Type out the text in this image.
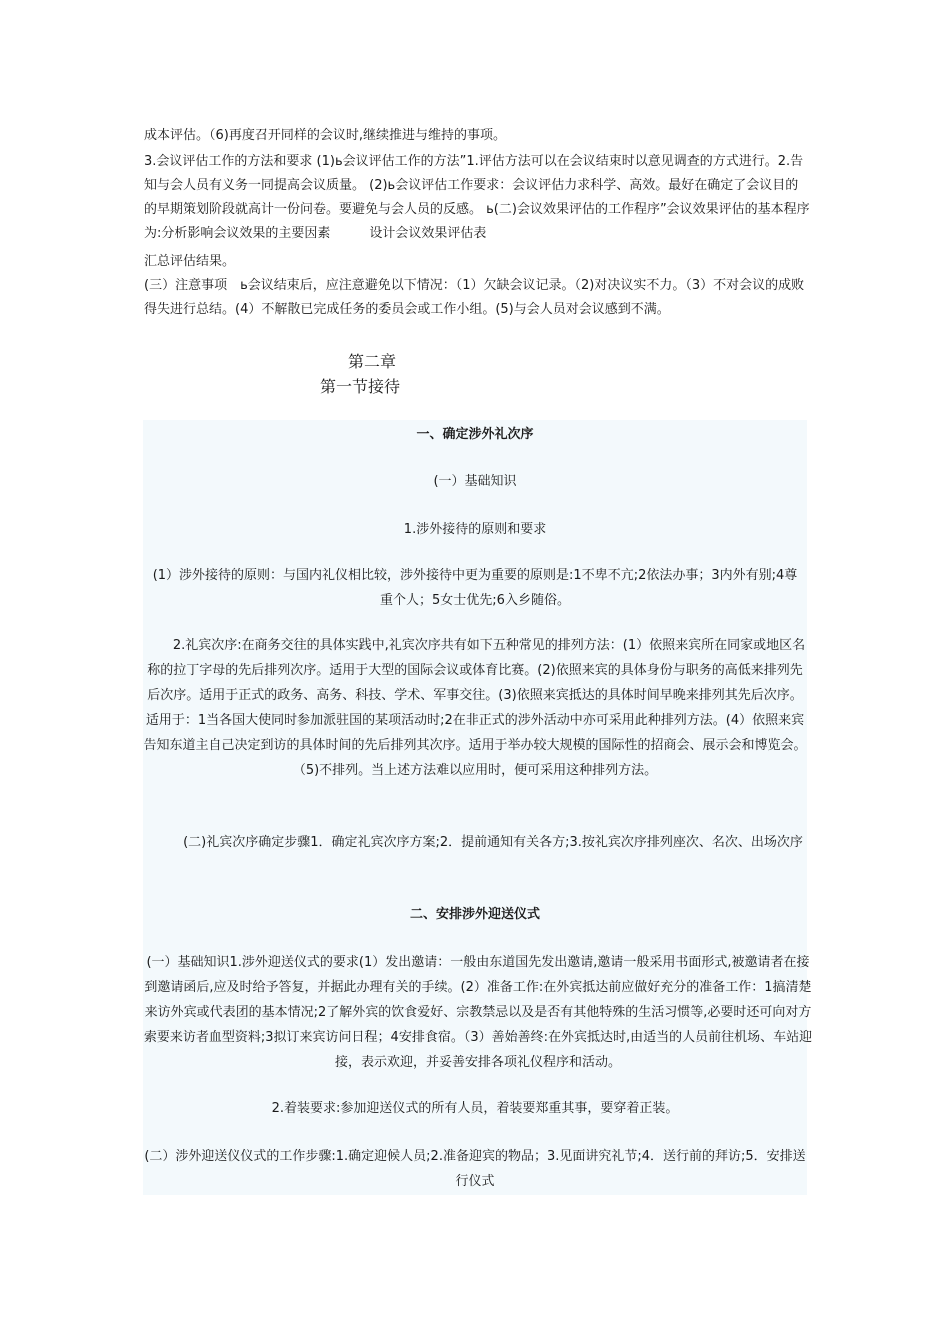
成本评估。（6)再度召开同样的会议时,继续推进与维持的事项。

3.会议评估工作的方法和要求 (1)ь会议评估工作的方法”1.评估方法可以在会议结束时以意见调查的方式进行。2.告知与会人员有义务一同提高会议质量。 (2)ь会议评估工作要求：会议评估力求科学、高效。最好在确定了会议目的的早期策划阶段就高计一份问卷。要避免与会人员的反感。 ь(二)会议效果评估的工作程序”会议效果评估的基本程序为:分析影响会议效果的主要因素　　　设计会议效果评估表

汇总评估结果。

(三）注意事项　ь会议结束后，应注意避免以下情况：（1）欠缺会议记录。（2)对决议实不力。（3）不对会议的成败得失进行总结。(4）不解散已完成任务的委员会或工作小组。(5)与会人员对会议感到不满。

第二章
第一节接待

一、确定涉外礼次序

(一）基础知识

1.涉外接待的原则和要求

(1）涉外接待的原则：与国内礼仪相比较，涉外接待中更为重要的原则是:1不卑不亢;2依法办事；3内外有别;4尊重个人；5女士优先;6入乡随俗。

2.礼宾次序:在商务交往的具体实践中,礼宾次序共有如下五种常见的排列方法：(1）依照来宾所在同家或地区名称的拉丁字母的先后排列次序。适用于大型的国际会议或体育比赛。(2)依照来宾的具体身份与职务的高低来排列先后次序。适用于正式的政务、高务、科技、学术、军事交往。(3)依照来宾抵达的具体时间早晚来排列其先后次序。适用于：1当各国大使同时参加派驻国的某项活动时;2在非正式的涉外活动中亦可采用此种排列方法。(4）依照来宾告知东道主自己决定到访的具体时间的先后排列其次序。适用于举办较大规模的国际性的招商会、展示会和博览会。（5)不排列。当上述方法难以应用时，便可采用这种排列方法。

(二)礼宾次序确定步骤1．确定礼宾次序方案;2．提前通知有关各方;3.按礼宾次序排列座次、名次、出场次序

二、安排涉外迎送仪式

(一）基础知识1.涉外迎送仪式的要求(1）发出邀请：一般由东道国先发出邀请,邀请一般采用书面形式,被邀请者在接到邀请函后,应及时给予答复，并据此办理有关的手续。(2）准备工作:在外宾抵达前应做好充分的准备工作：1搞清楚来访外宾或代表团的基本情况;2了解外宾的饮食爱好、宗教禁忌以及是否有其他特殊的生活习惯等,必要时还可向对方索要来访者血型资料;3拟订来宾访问日程；4安排食宿。（3）善始善终:在外宾抵达时,由适当的人员前往机场、车站迎接，表示欢迎，并妥善安排各项礼仪程序和活动。

2.着装要求:参加迎送仪式的所有人员，着装要郑重其事，要穿着正装。

(二）涉外迎送仪仪式的工作步骤:1.确定迎候人员;2.准备迎宾的物品；3.见面讲究礼节;4．送行前的拜访;5．安排送行仪式
